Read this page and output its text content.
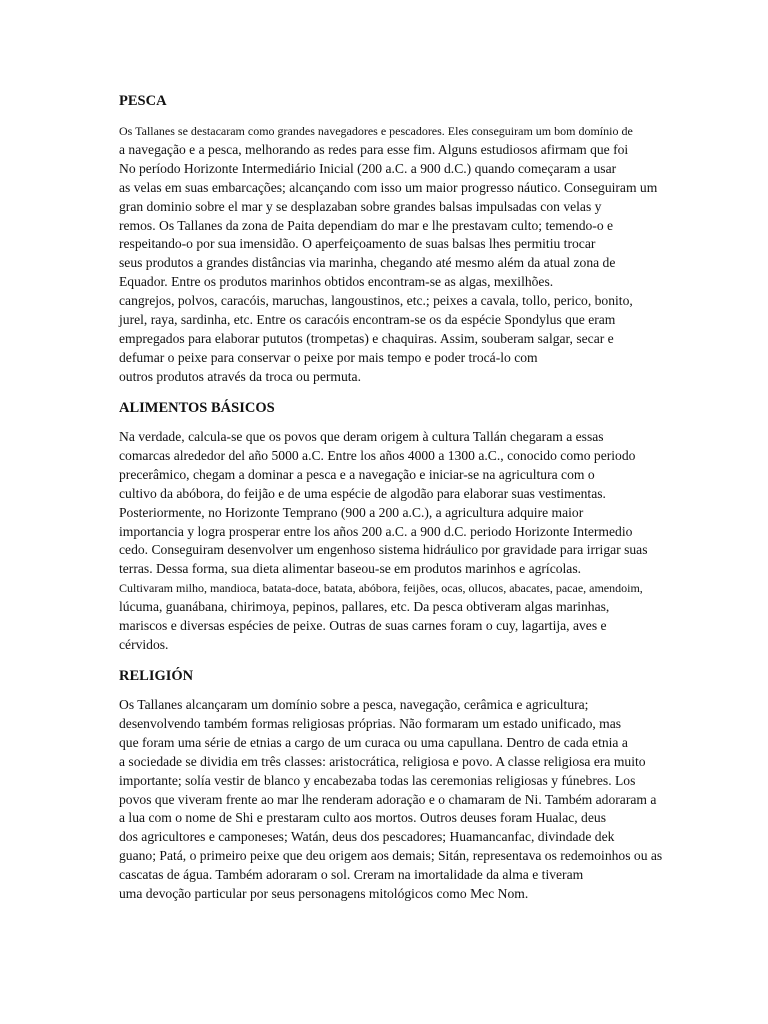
PESCA
Os Tallanes se destacaram como grandes navegadores e pescadores. Eles conseguiram um bom domínio de
a navegação e a pesca, melhorando as redes para esse fim. Alguns estudiosos afirmam que foi
No período Horizonte Intermediário Inicial (200 a.C. a 900 d.C.) quando começaram a usar
as velas em suas embarcações; alcançando com isso um maior progresso náutico. Conseguiram um
gran dominio sobre el mar y se desplazaban sobre grandes balsas impulsadas con velas y
remos. Os Tallanes da zona de Paita dependiam do mar e lhe prestavam culto; temendo-o e
respeitando-o por sua imensidão. O aperfeiçoamento de suas balsas lhes permitiu trocar
seus produtos a grandes distâncias via marinha, chegando até mesmo além da atual zona de
Equador. Entre os produtos marinhos obtidos encontram-se as algas, mexilhões.
cangrejos, polvos, caracóis, maruchas, langoustinos, etc.; peixes a cavala, tollo, perico, bonito,
jurel, raya, sardinha, etc. Entre os caracóis encontram-se os da espécie Spondylus que eram
empregados para elaborar pututos (trompetas) e chaquiras. Assim, souberam salgar, secar e
defumar o peixe para conservar o peixe por mais tempo e poder trocá-lo com
outros produtos através da troca ou permuta.
ALIMENTOS BÁSICOS
Na verdade, calcula-se que os povos que deram origem à cultura Tallán chegaram a essas
comarcas alrededor del año 5000 a.C. Entre los años 4000 a 1300 a.C., conocido como periodo
precerâmico, chegam a dominar a pesca e a navegação e iniciar-se na agricultura com o
cultivo da abóbora, do feijão e de uma espécie de algodão para elaborar suas vestimentas.
Posteriormente, no Horizonte Temprano (900 a 200 a.C.), a agricultura adquire maior
importancia y logra prosperar entre los años 200 a.C. a 900 d.C. periodo Horizonte Intermedio
cedo. Conseguiram desenvolver um engenhoso sistema hidráulico por gravidade para irrigar suas
terras. Dessa forma, sua dieta alimentar baseou-se em produtos marinhos e agrícolas.
Cultivaram milho, mandioca, batata-doce, batata, abóbora, feijões, ocas, ollucos, abacates, pacae, amendoim,
lúcuma, guanábana, chirimoya, pepinos, pallares, etc. Da pesca obtiveram algas marinhas,
mariscos e diversas espécies de peixe. Outras de suas carnes foram o cuy, lagartija, aves e
cérvidos.
RELIGIÓN
Os Tallanes alcançaram um domínio sobre a pesca, navegação, cerâmica e agricultura;
desenvolvendo também formas religiosas próprias. Não formaram um estado unificado, mas
que foram uma série de etnias a cargo de um curaca ou uma capullana. Dentro de cada etnia a
a sociedade se dividia em três classes: aristocrática, religiosa e povo. A classe religiosa era muito
importante; solía vestir de blanco y encabezaba todas las ceremonias religiosas y fúnebres. Los
povos que viveram frente ao mar lhe renderam adoração e o chamaram de Ni. Também adoraram a
a lua com o nome de Shi e prestaram culto aos mortos. Outros deuses foram Hualac, deus
dos agricultores e camponeses; Watán, deus dos pescadores; Huamancanfac, divindade dek
guano; Patá, o primeiro peixe que deu origem aos demais; Sitán, representava os redemoinhos ou as
cascatas de água. Também adoraram o sol. Creram na imortalidade da alma e tiveram
uma devoção particular por seus personagens mitológicos como Mec Nom.
